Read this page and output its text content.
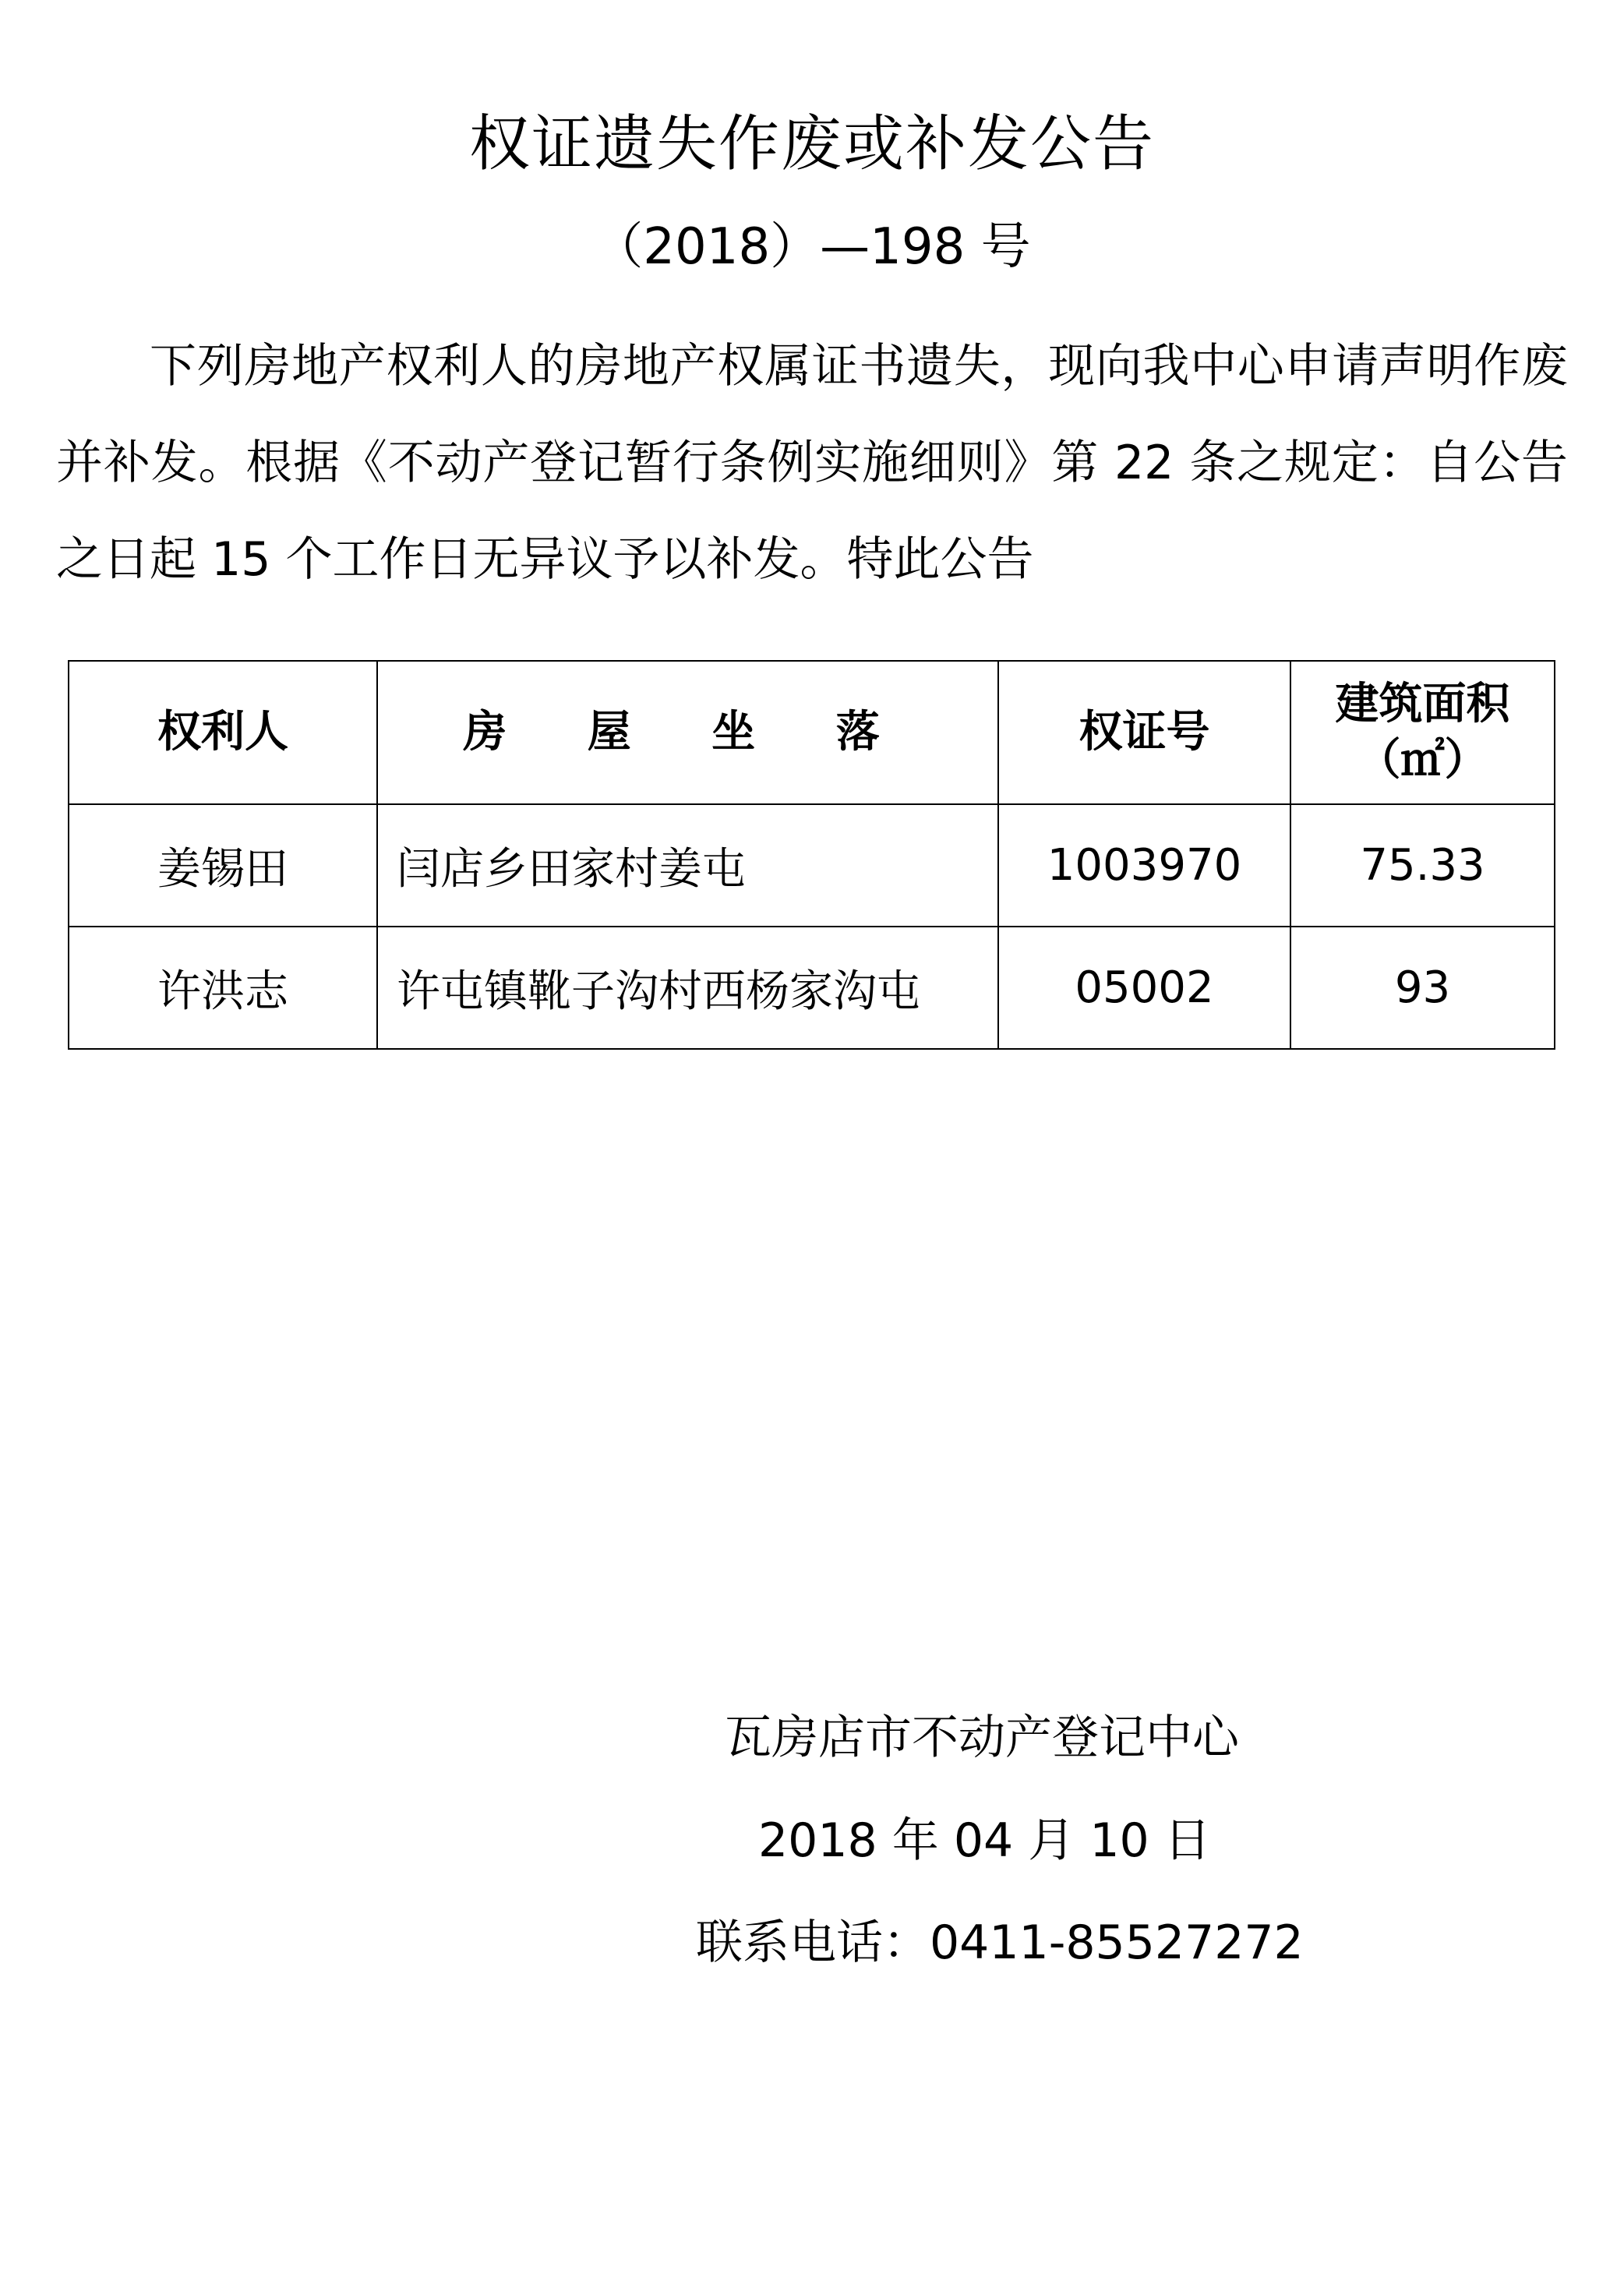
权证遗失作废或补发公告
（2018）—198 号
下列房地产权利人的房地产权属证书遗失，现向我中心申请声明作废并补发。根据《不动产登记暂行条例实施细则》第 22 条之规定：自公告之日起 15 个工作日无异议予以补发。特此公告
权利人	房 屋 坐 落	权证号	建筑面积（㎡）
姜锡田	闫店乡田家村姜屯	1003970	75.33
许洪志	许屯镇靴子沟村西杨家沟屯	05002	93
瓦房店市不动产登记中心
2018 年 04 月 10 日
联系电话：0411-85527272
